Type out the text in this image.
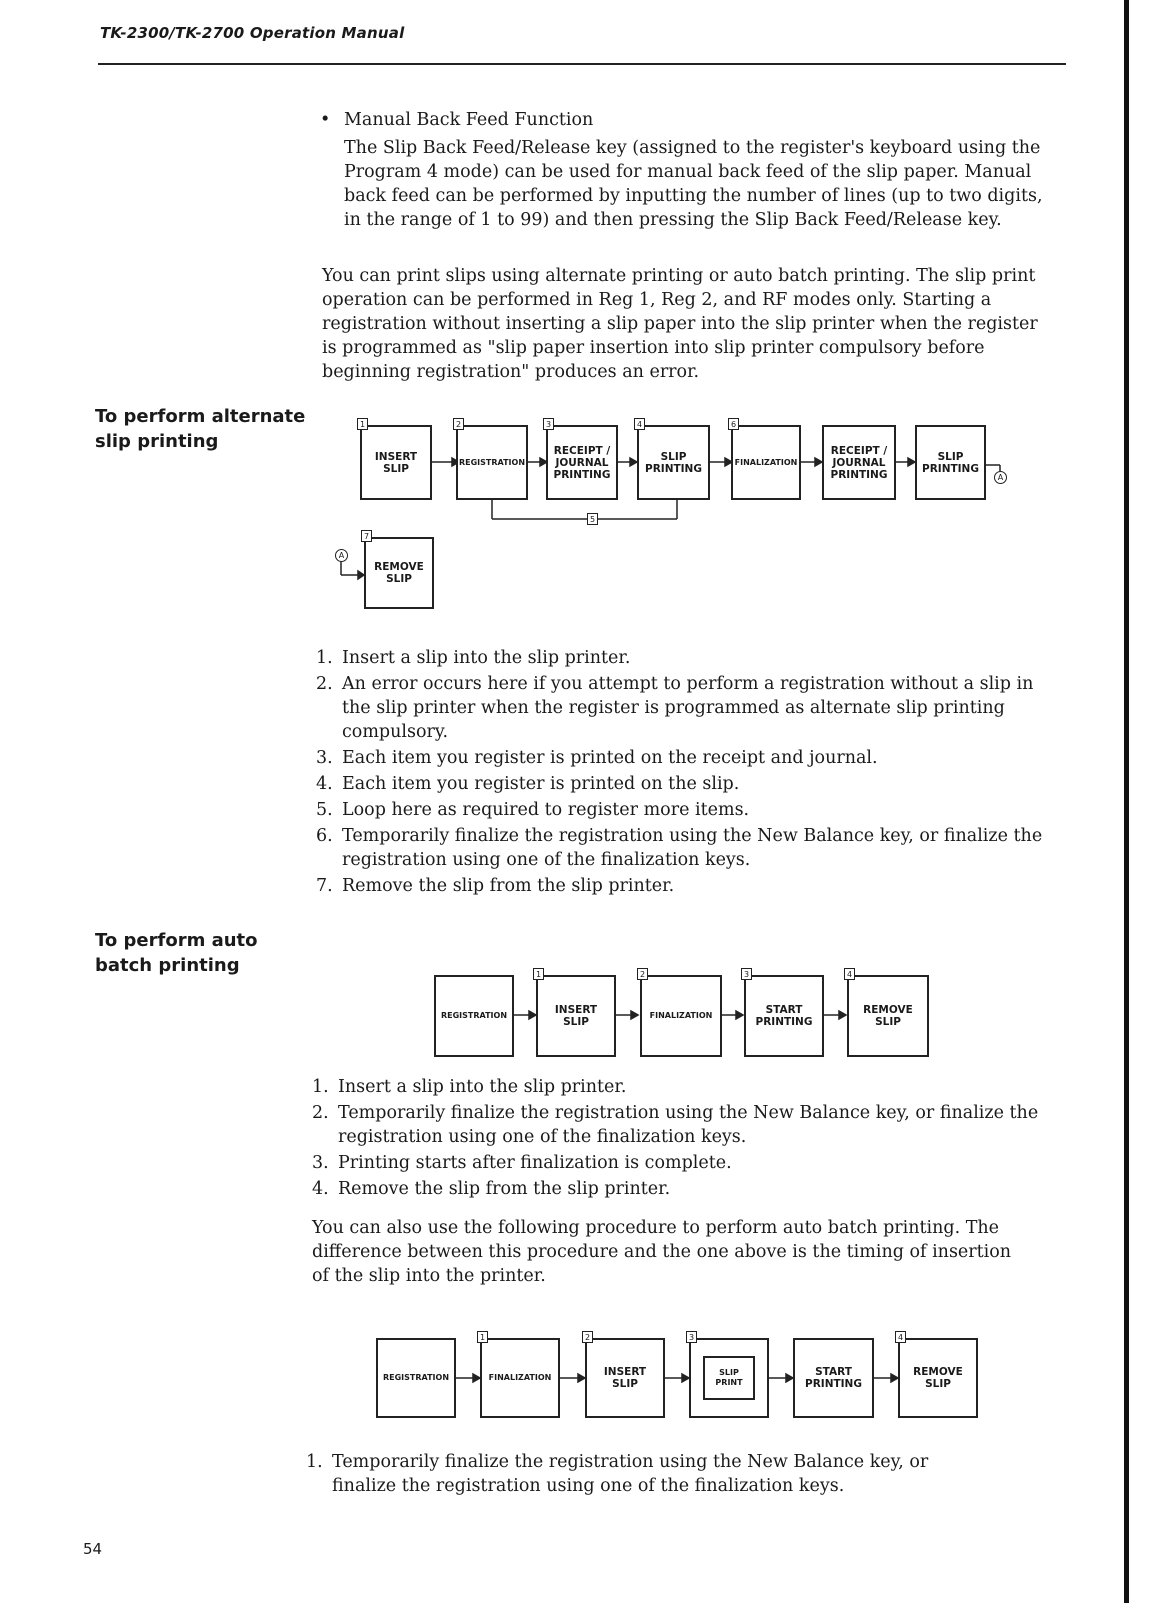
TK-2300/TK-2700 Operation Manual
• Manual Back Feed Function
The Slip Back Feed/Release key (assigned to the register's keyboard using the Program 4 mode) can be used for manual back feed of the slip paper. Manual back feed can be performed by inputting the number of lines (up to two digits, in the range of 1 to 99) and then pressing the Slip Back Feed/Release key.
You can print slips using alternate printing or auto batch printing. The slip print operation can be performed in Reg 1, Reg 2, and RF modes only. Starting a registration without inserting a slip paper into the slip printer when the register is programmed as "slip paper insertion into slip printer compulsory before beginning registration" produces an error.
To perform alternate
slip printing
INSERT
SLIP
1
REGISTRATION
2
RECEIPT /
JOURNAL
PRINTING
3
SLIP
PRINTING
4
FINALIZATION
6
RECEIPT /
JOURNAL
PRINTING
SLIP
PRINTING
5
A
REMOVE
SLIP
7
A
1. Insert a slip into the slip printer.
2. An error occurs here if you attempt to perform a registration without a slip in the slip printer when the register is programmed as alternate slip printing compulsory.
3. Each item you register is printed on the receipt and journal.
4. Each item you register is printed on the slip.
5. Loop here as required to register more items.
6. Temporarily finalize the registration using the New Balance key, or finalize the registration using one of the finalization keys.
7. Remove the slip from the slip printer.
To perform auto
batch printing
REGISTRATION	INSERT
SLIP
1
FINALIZATION
2
START
PRINTING
3
REMOVE
SLIP
4
1. Insert a slip into the slip printer.
2. Temporarily finalize the registration using the New Balance key, or finalize the registration using one of the finalization keys.
3. Printing starts after finalization is complete.
4. Remove the slip from the slip printer.
You can also use the following procedure to perform auto batch printing. The difference between this procedure and the one above is the timing of insertion of the slip into the printer.
REGISTRATION	FINALIZATION
1
INSERT
SLIP
2
SLIP
PRINT
3
START
PRINTING
REMOVE
SLIP
4
1. Temporarily finalize the registration using the New Balance key, or finalize the registration using one of the finalization keys.
54
